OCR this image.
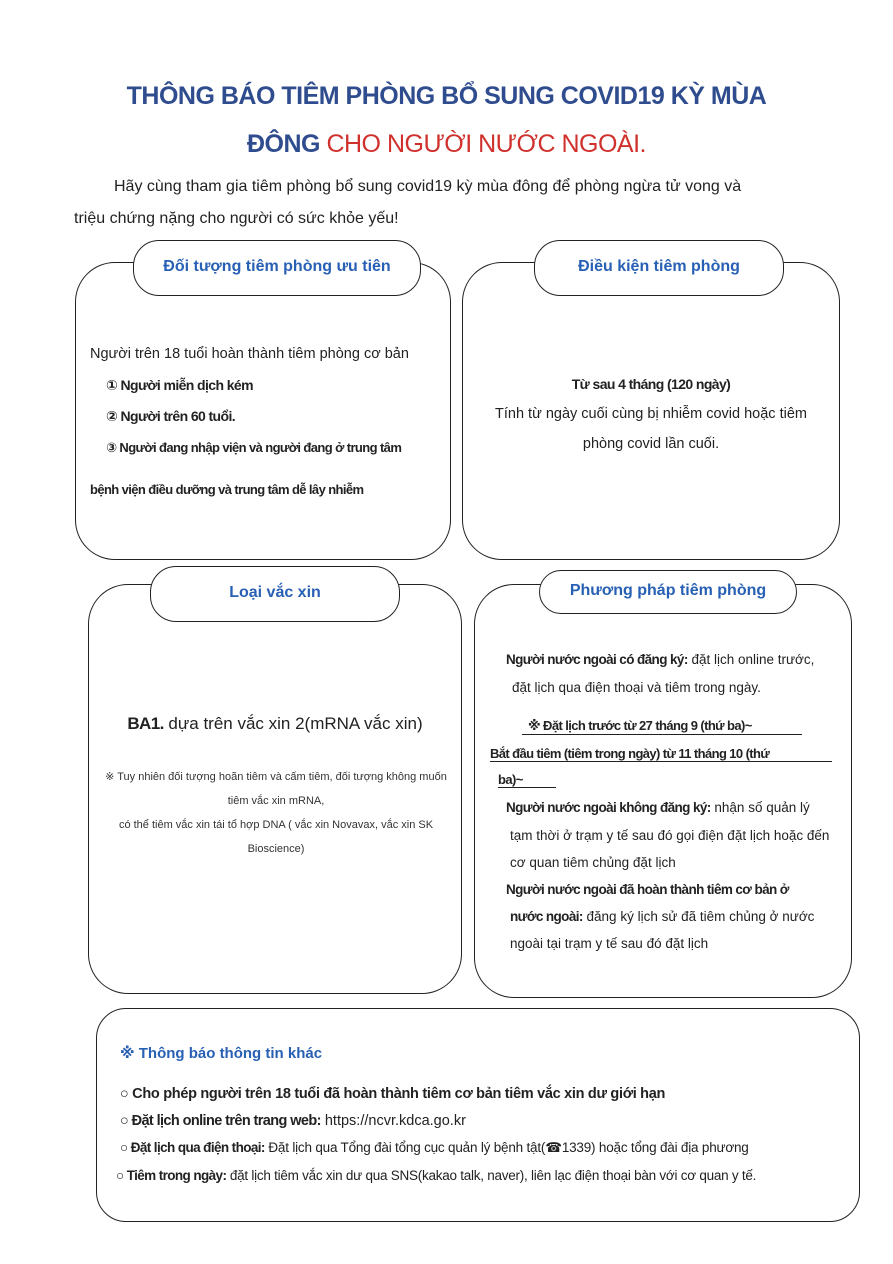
THÔNG BÁO TIÊM PHÒNG BỔ SUNG COVID19 KỲ MÙA
ĐÔNG CHO NGƯỜI NƯỚC NGOÀI.
Hãy cùng tham gia tiêm phòng bổ sung covid19 kỳ mùa đông để phòng ngừa tử vong và
triệu chứng nặng cho người có sức khỏe yếu!
Đối tượng tiêm phòng ưu tiên
Người trên 18 tuổi hoàn thành tiêm phòng cơ bản
① Người miễn dịch kém
② Người trên 60 tuổi.
③ Người đang nhập viện và người đang ở trung tâm
bệnh viện điều dưỡng và trung tâm dễ lây nhiễm
Điều kiện tiêm phòng
Từ sau 4 tháng (120 ngày)
Tính từ ngày cuối cùng bị nhiễm covid hoặc tiêm
phòng covid lần cuối.
Loại vắc xin
BA1. dựa trên vắc xin 2(mRNA vắc xin)
※ Tuy nhiên đối tượng hoãn tiêm và cấm tiêm, đối tượng không muốn
tiêm vắc xin mRNA,
có thể tiêm vắc xin tái tổ hợp DNA ( vắc xin Novavax, vắc xin SK
Bioscience)
Phương pháp tiêm phòng
Người nước ngoài có đăng ký: đặt lịch online trước,
đặt lịch qua điện thoại và tiêm trong ngày.
※ Đặt lịch trước từ 27 tháng 9 (thứ ba)~
Bắt đầu tiêm (tiêm trong ngày) từ 11 tháng 10 (thứ
ba)~
Người nước ngoài không đăng ký: nhận số quản lý
tạm thời ở trạm y tế sau đó gọi điện đặt lịch hoặc đến
cơ quan tiêm chủng đặt lịch
Người nước ngoài đã hoàn thành tiêm cơ bản ở
nước ngoài: đăng ký lịch sử đã tiêm chủng ở nước
ngoài tại trạm y tế sau đó đặt lịch
※ Thông báo thông tin khác
○ Cho phép người trên 18 tuổi đã hoàn thành tiêm cơ bản tiêm vắc xin dư giới hạn
○ Đặt lịch online trên trang web: https://ncvr.kdca.go.kr
○ Đặt lịch qua điện thoại: Đặt lịch qua Tổng đài tổng cục quản lý bệnh tật(☎1339) hoặc tổng đài địa phương
○ Tiêm trong ngày: đặt lịch tiêm vắc xin dư qua SNS(kakao talk, naver), liên lạc điện thoại bàn với cơ quan y tế.
